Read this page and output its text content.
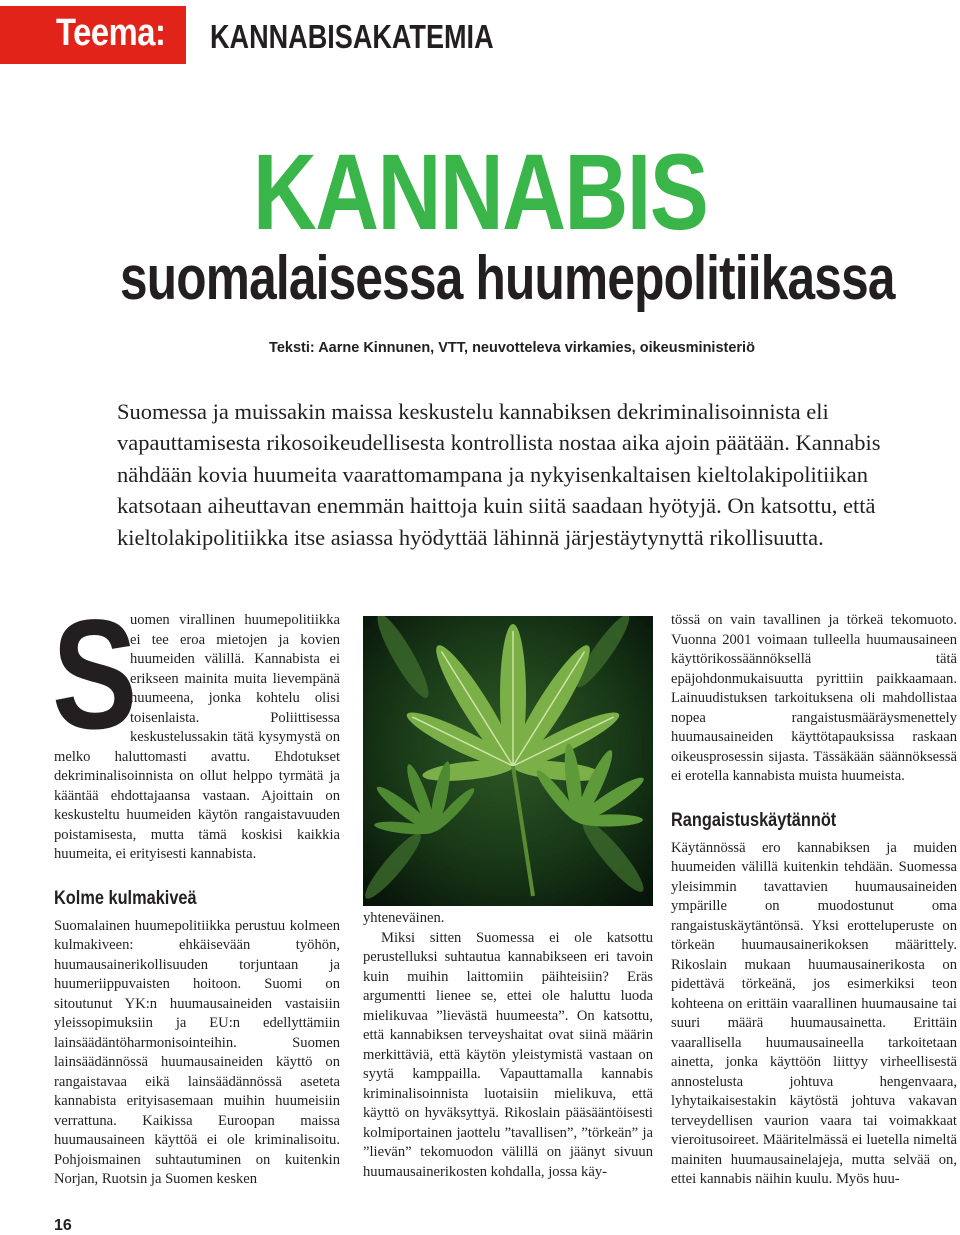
Teema: KANNABISAKATEMIA
KANNABIS
suomalaisessa huumepolitiikassa
Teksti: Aarne Kinnunen, VTT, neuvotteleva virkamies, oikeusministeriö
Suomessa ja muissakin maissa keskustelu kannabiksen dekriminalisoinnista eli vapauttamisesta rikosoikeudellisesta kontrollista nostaa aika ajoin päätään. Kannabis nähdään kovia huumeita vaarattomampana ja nykyisenkaltaisen kieltolakipolitiikan katsotaan aiheuttavan enemmän haittoja kuin siitä saadaan hyötyjä. On katsottu, että kieltolakipolitiikka itse asiassa hyödyttää lähinnä järjestäytynyttä rikollisuutta.
S

uomen virallinen huumepolitiikka ei tee eroa mietojen ja kovien huumeiden välillä. Kannabista ei erikseen mainita muita lievempänä huumeena, jonka kohtelu olisi toisenlaista. Poliittisessa keskustelussakin tätä kysymystä on melko haluttomasti avattu. Ehdotukset dekriminalisoinnista on ollut helppo tyrmätä ja kääntää ehdottajaansa vastaan. Ajoittain on keskusteltu huumeiden käytön rangaistavuuden poistamisesta, mutta tämä koskisi kaikkia huumeita, ei erityisesti kannabista.

Kolme kulmakiveä

Suomalainen huumepolitiikka perustuu kolmeen kulmakiveen: ehkäisevään työhön, huumausainerikollisuuden torjuntaan ja huumeriippuvaisten hoitoon. Suomi on sitoutunut YK:n huumausaineiden vastaisiin yleissopimuksiin ja EU:n edellyttämiin lainsäädäntöharmonisointeihin. Suomen lainsäädännössä huumausaineiden käyttö on rangaistavaa eikä lainsäädännössä aseteta kannabista erityisasemaan muihin huumeisiin verrattuna. Kaikissa Euroopan maissa huumausaineen käyttöä ei ole kriminalisoitu. Pohjoismainen suhtautuminen on kuitenkin Norjan, Ruotsin ja Suomen kesken

yhteneväinen.

Miksi sitten Suomessa ei ole katsottu perustelluksi suhtautua kannabikseen eri tavoin kuin muihin laittomiin päihteisiin? Eräs argumentti lienee se, ettei ole haluttu luoda mielikuvaa ”lievästä huumeesta”. On katsottu, että kannabiksen terveyshaitat ovat siinä määrin merkittäviä, että käytön yleistymistä vastaan on syytä kamppailla. Vapauttamalla kannabis kriminalisoinnista luotaisiin mielikuva, että käyttö on hyväksyttyä. Rikoslain pääsääntöisesti kolmiportainen jaottelu ”tavallisen”, ”törkeän” ja ”lievän” tekomuodon välillä on jäänyt sivuun huumausainerikosten kohdalla, jossa käy-

tössä on vain tavallinen ja törkeä tekomuoto. Vuonna 2001 voimaan tulleella huumausaineen käyttörikossäännöksellä tätä epäjohdonmukaisuutta pyrittiin paikkaamaan. Lainuudistuksen tarkoituksena oli mahdollistaa nopea rangaistusmääräysmenettely huumausaineiden käyttötapauksissa raskaan oikeusprosessin sijasta. Tässäkään säännöksessä ei erotella kannabista muista huumeista.

Rangaistuskäytännöt

Käytännössä ero kannabiksen ja muiden huumeiden välillä kuitenkin tehdään. Suomessa yleisimmin tavattavien huumausaineiden ympärille on muodostunut oma rangaistuskäytäntönsä. Yksi erotteluperuste on törkeän huumausainerikoksen määrittely. Rikoslain mukaan huumausainerikosta on pidettävä törkeänä, jos esimerkiksi teon kohteena on erittäin vaarallinen huumausaine tai suuri määrä huumausainetta. Erittäin vaarallisella huumausaineella tarkoitetaan ainetta, jonka käyttöön liittyy virheellisestä annostelusta johtuva hengenvaara, lyhytaikaisestakin käytöstä johtuva vakavan terveydellisen vaurion vaara tai voimakkaat vieroitusoireet. Määritelmässä ei luetella nimeltä mainiten huumausainelajeja, mutta selvää on, ettei kannabis näihin kuulu. Myös huu-

16
